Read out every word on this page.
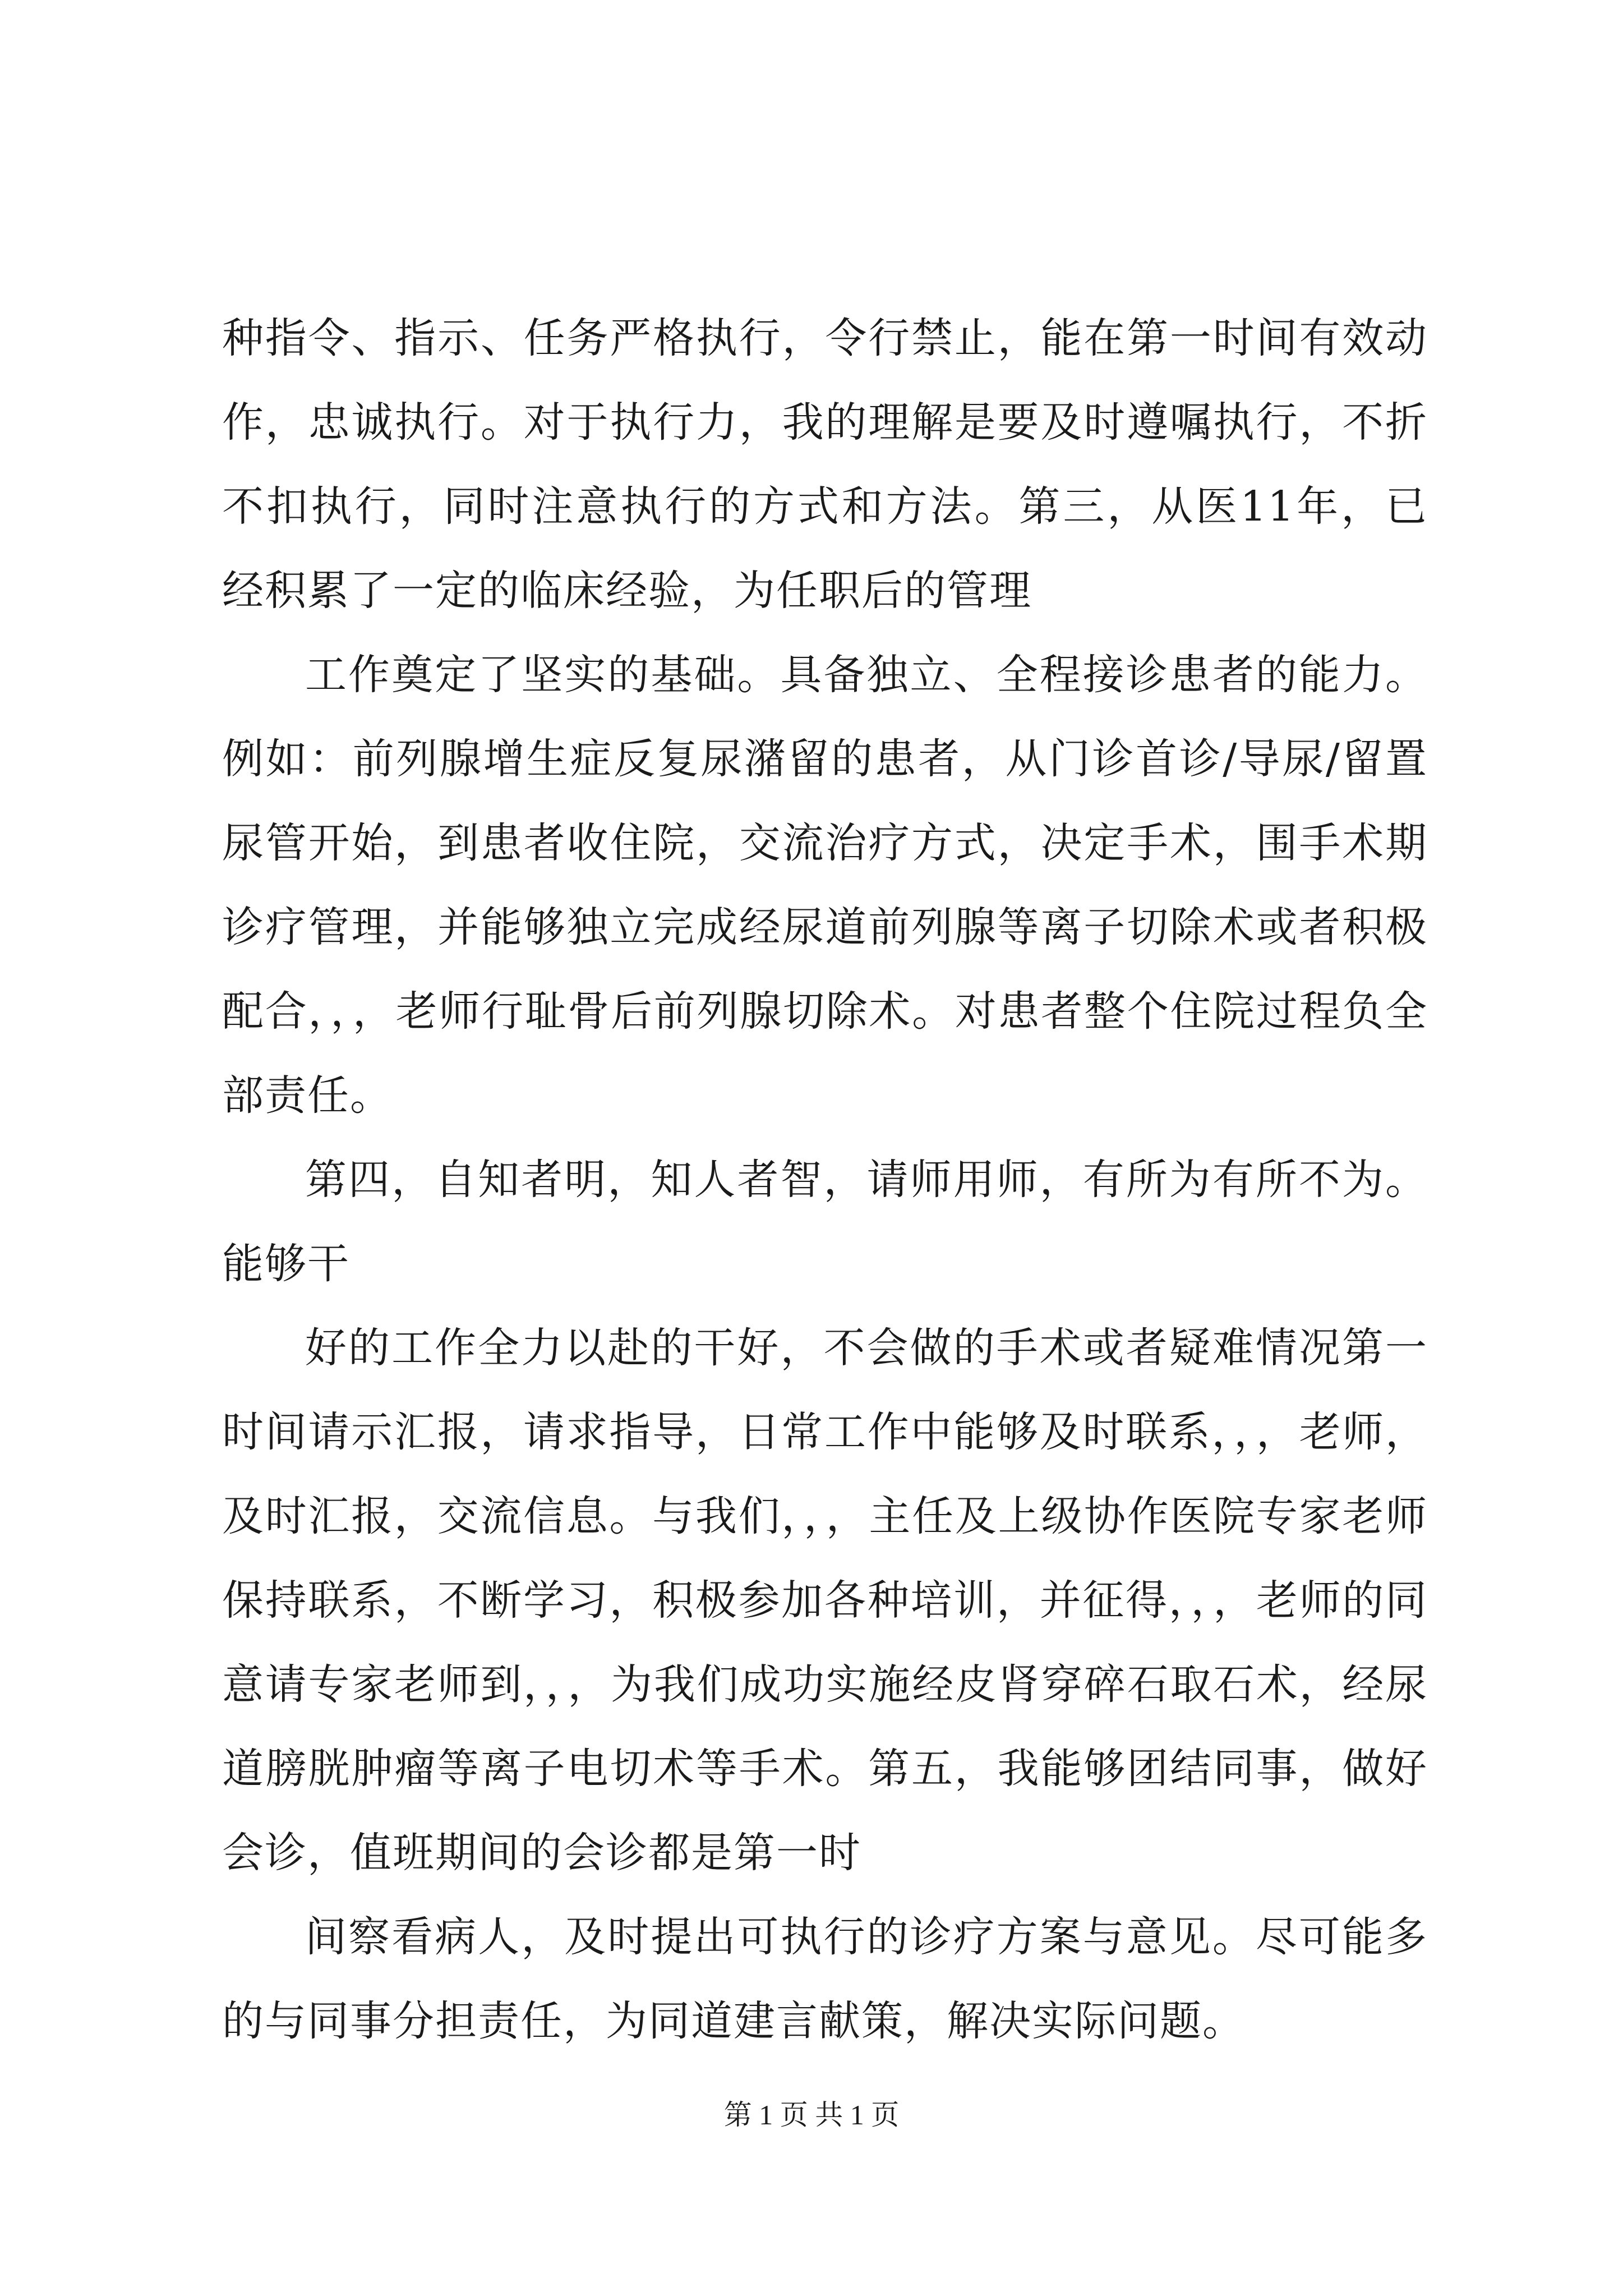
种指令、指示、任务严格执行，令行禁止，能在第一时间有效动作，忠诚执行。对于执行力，我的理解是要及时遵嘱执行，不折不扣执行，同时注意执行的方式和方法。第三，从医11年，已经积累了一定的临床经验，为任职后的管理

工作奠定了坚实的基础。具备独立、全程接诊患者的能力。例如：前列腺增生症反复尿潴留的患者，从门诊首诊/导尿/留置尿管开始，到患者收住院，交流治疗方式，决定手术，围手术期诊疗管理，并能够独立完成经尿道前列腺等离子切除术或者积极配合，，，老师行耻骨后前列腺切除术。对患者整个住院过程负全部责任。

第四，自知者明，知人者智，请师用师，有所为有所不为。能够干

好的工作全力以赴的干好，不会做的手术或者疑难情况第一时间请示汇报，请求指导，日常工作中能够及时联系，，，老师，及时汇报，交流信息。与我们，，，主任及上级协作医院专家老师保持联系，不断学习，积极参加各种培训，并征得，，，老师的同意请专家老师到，，，为我们成功实施经皮肾穿碎石取石术，经尿道膀胱肿瘤等离子电切术等手术。第五，我能够团结同事，做好会诊，值班期间的会诊都是第一时

间察看病人，及时提出可执行的诊疗方案与意见。尽可能多的与同事分担责任，为同道建言献策，解决实际问题。

第 1 页 共 1 页
